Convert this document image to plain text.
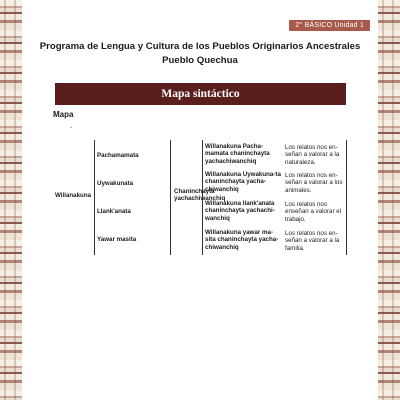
2° BÁSICO Unidad 1
Programa de Lengua y Cultura de los Pueblos Originarios Ancestrales
Pueblo Quechua
Mapa sintáctico
Mapa
.
Willanakuna
Pachamamata
Uywakunata
Llank'anata
Yawar masita
Chaninchayta yachachiwanchiq
Willanakuna Pacha-mamata chaninchayta yachachiwanchiq
Willanakuna Uywakuna-ta chaninchayta yacha-chiwanchiq
Willanakuna llank'anata chaninchayta yachachi-wanchiq
Willanakuna yawar ma-sita chaninchayta yacha-chiwanchiq
Los relatos nos en-señan a valorar a la naturaleza.
Los relatos nos en-señan a valorar a los animales.
Los relatos nos enseñan a valorar el trabajo.
Los relatos nos en-señan a valorar a la familia.
